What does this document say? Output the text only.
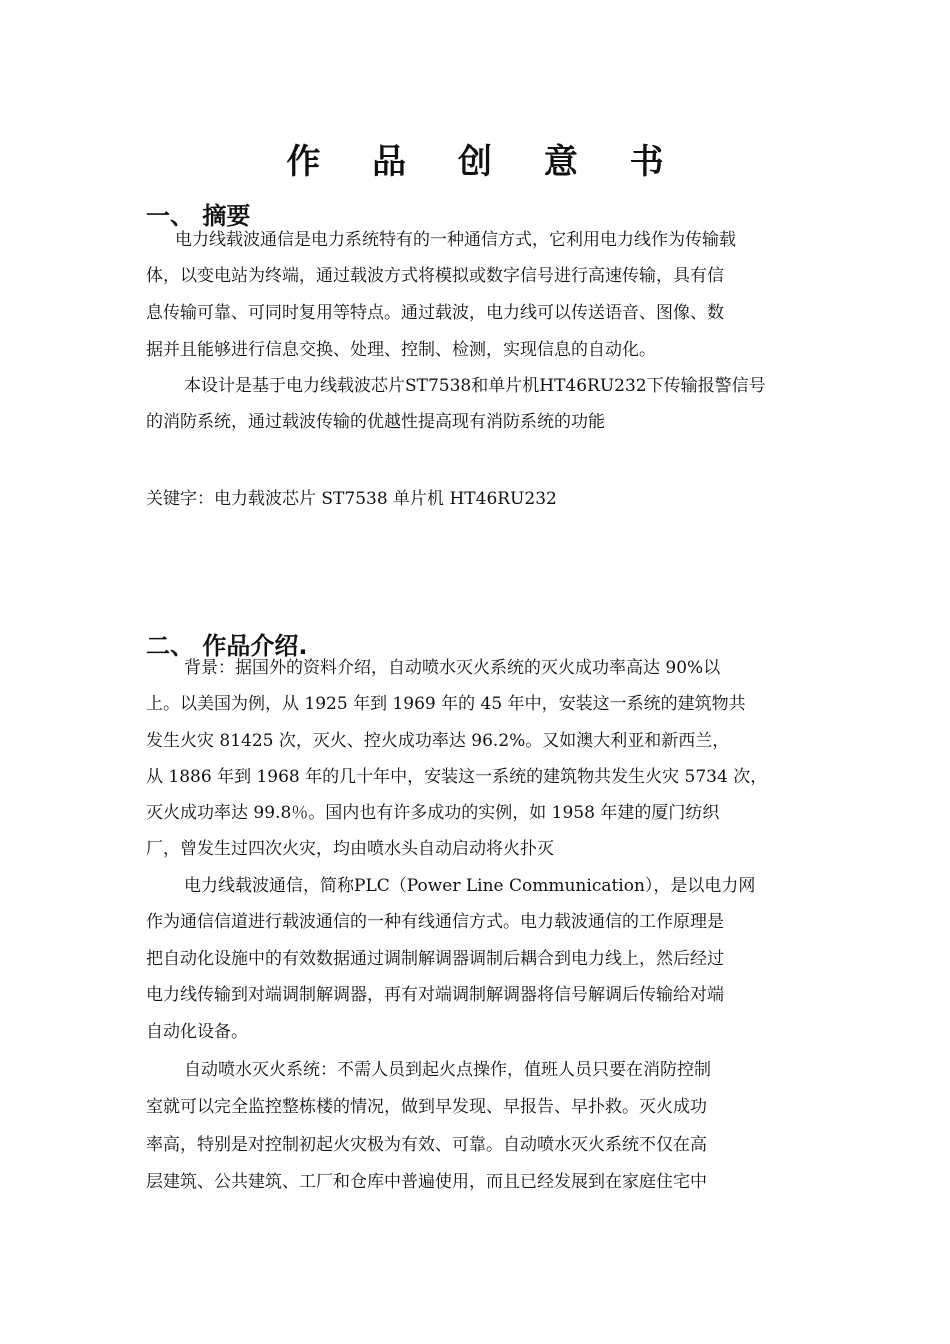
作 品 创 意 书
一、 摘要
电力线载波通信是电力系统特有的一种通信方式，它利用电力线作为传输载
体，以变电站为终端，通过载波方式将模拟或数字信号进行高速传输，具有信
息传输可靠、可同时复用等特点。通过载波，电力线可以传送语音、图像、数
据并且能够进行信息交换、处理、控制、检测，实现信息的自动化。
本设计是基于电力线载波芯片ST7538和单片机HT46RU232下传输报警信号
的消防系统，通过载波传输的优越性提高现有消防系统的功能
关键字：电力载波芯片 ST7538 单片机 HT46RU232
二、 作品介绍.
背景：据国外的资料介绍，自动喷水灭火系统的灭火成功率高达 90%以
上。以美国为例，从 1925 年到 1969 年的 45 年中，安装这一系统的建筑物共
发生火灾 81425 次，灭火、控火成功率达 96.2%。又如澳大利亚和新西兰，
从 1886 年到 1968 年的几十年中，安装这一系统的建筑物共发生火灾 5734 次，
灭火成功率达 99.8％。国内也有许多成功的实例，如 1958 年建的厦门纺织
厂，曾发生过四次火灾，均由喷水头自动启动将火扑灭
电力线载波通信，简称PLC（Power Line Communication），是以电力网
作为通信信道进行载波通信的一种有线通信方式。电力载波通信的工作原理是
把自动化设施中的有效数据通过调制解调器调制后耦合到电力线上，然后经过
电力线传输到对端调制解调器，再有对端调制解调器将信号解调后传输给对端
自动化设备。
自动喷水灭火系统：不需人员到起火点操作，值班人员只要在消防控制
室就可以完全监控整栋楼的情况，做到早发现、早报告、早扑救。灭火成功
率高，特别是对控制初起火灾极为有效、可靠。自动喷水灭火系统不仅在高
层建筑、公共建筑、工厂和仓库中普遍使用，而且已经发展到在家庭住宅中
